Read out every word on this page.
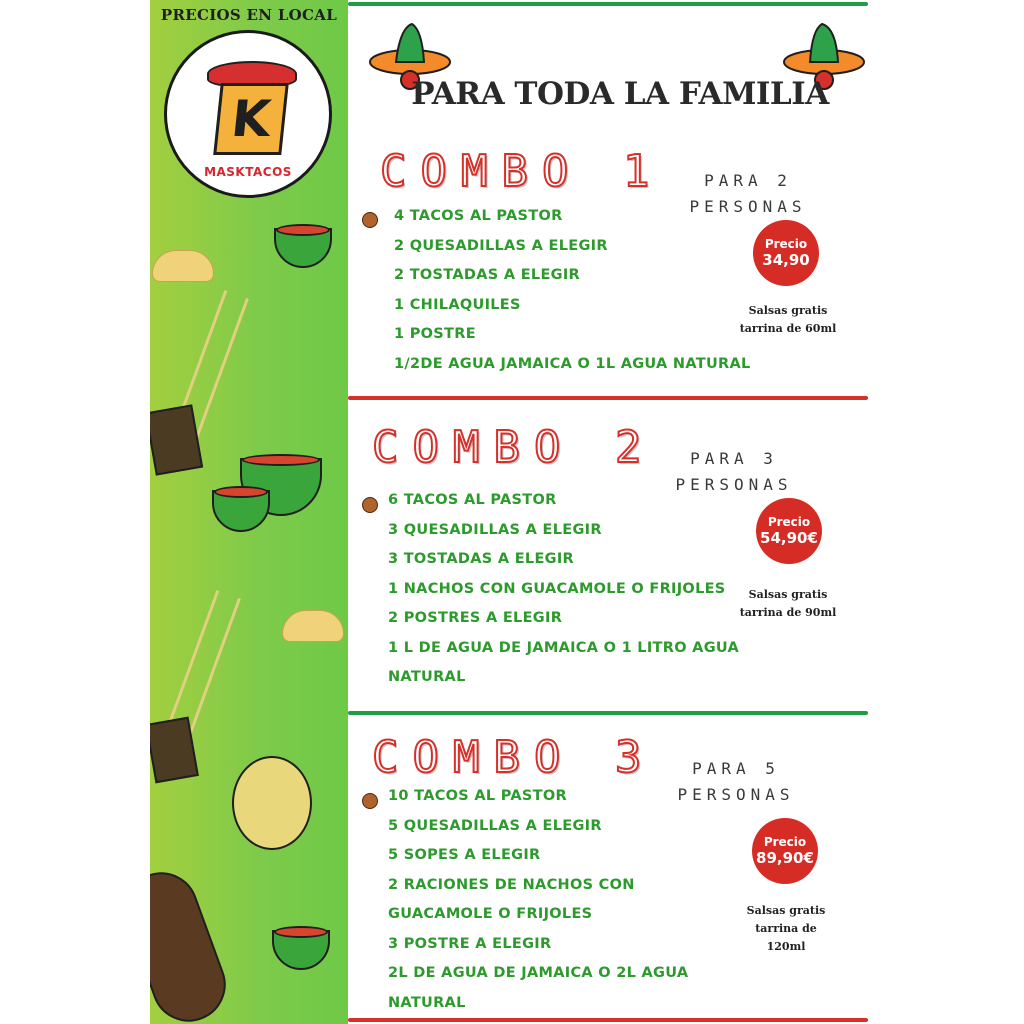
PRECIOS EN LOCAL
K
MASKTACOS
PARA TODA LA FAMILIA
COMBO 1	PARA 2
PERSONAS
Precio
34,90
Salsas gratis
tarrina de 60ml
4 TACOS AL PASTOR
2 QUESADILLAS A ELEGIR
2 TOSTADAS A ELEGIR
1 CHILAQUILES
1 POSTRE
1/2DE AGUA JAMAICA O 1L AGUA NATURAL
COMBO 2	PARA 3
PERSONAS
Precio
54,90€
Salsas gratis
tarrina de 90ml
6 TACOS AL PASTOR
3 QUESADILLAS A ELEGIR
3 TOSTADAS A ELEGIR
1 NACHOS CON GUACAMOLE O FRIJOLES
2 POSTRES A ELEGIR
1 L DE AGUA DE JAMAICA O 1 LITRO AGUA
NATURAL
COMBO 3	PARA 5
PERSONAS
Precio
89,90€
Salsas gratis
tarrina de
120ml
10 TACOS AL PASTOR
5 QUESADILLAS A ELEGIR
5 SOPES A ELEGIR
2 RACIONES DE NACHOS CON
GUACAMOLE O FRIJOLES
3 POSTRE A ELEGIR
2L DE AGUA DE JAMAICA O 2L AGUA
NATURAL
